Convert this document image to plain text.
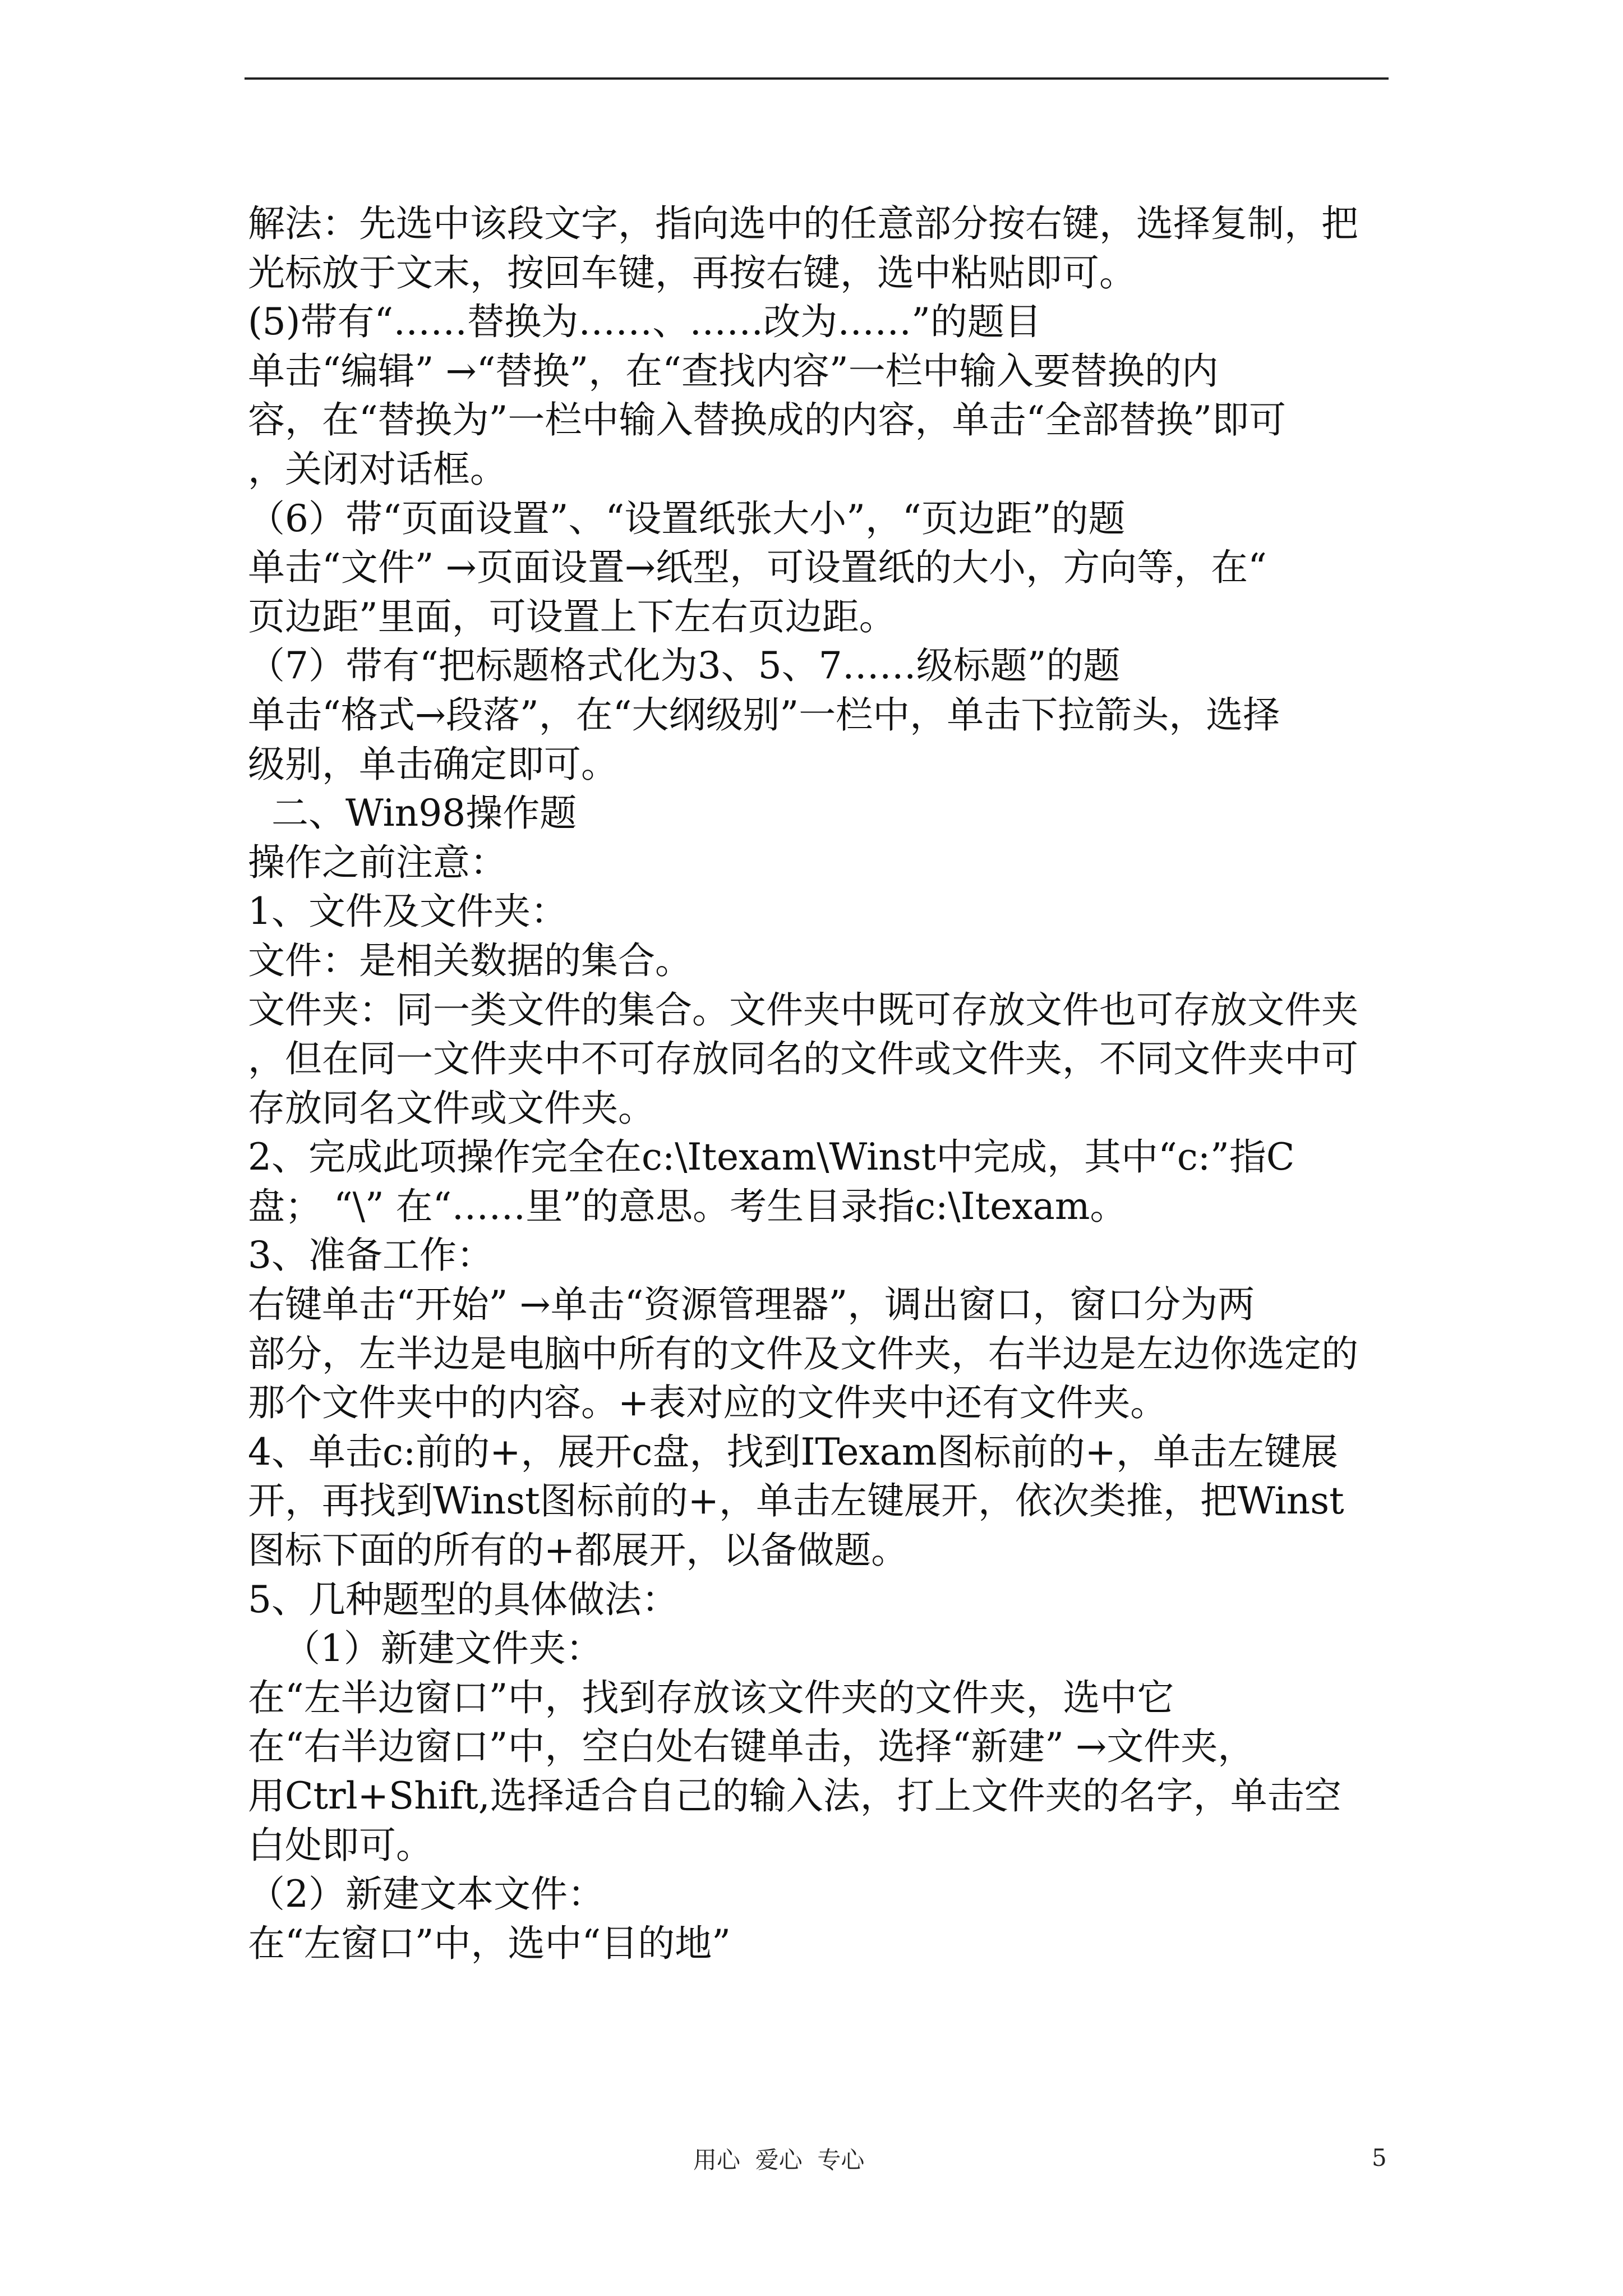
解法：先选中该段文字，指向选中的任意部分按右键，选择复制，把
光标放于文末，按回车键，再按右键，选中粘贴即可。
(5)带有“……替换为……、……改为……”的题目
单击“编辑” →“替换”，在“查找内容”一栏中输入要替换的内
容，在“替换为”一栏中输入替换成的内容，单击“全部替换”即可
，关闭对话框。
（6）带“页面设置”、“设置纸张大小”，“页边距”的题
单击“文件” →页面设置→纸型，可设置纸的大小，方向等，在“
页边距”里面，可设置上下左右页边距。
（7）带有“把标题格式化为3、5、7……级标题”的题
单击“格式→段落”，在“大纲级别”一栏中，单击下拉箭头，选择
级别，单击确定即可。
二、Win98操作题
操作之前注意：
1、文件及文件夹：
文件：是相关数据的集合。
文件夹：同一类文件的集合。文件夹中既可存放文件也可存放文件夹
，但在同一文件夹中不可存放同名的文件或文件夹，不同文件夹中可
存放同名文件或文件夹。
2、完成此项操作完全在c:\Itexam\Winst中完成，其中“c:”指C
盘； “\” 在“……里”的意思。考生目录指c:\Itexam。
3、准备工作：
右键单击“开始” →单击“资源管理器”，调出窗口，窗口分为两
部分，左半边是电脑中所有的文件及文件夹，右半边是左边你选定的
那个文件夹中的内容。+表对应的文件夹中还有文件夹。
4、单击c:前的+，展开c盘，找到ITexam图标前的+，单击左键展
开，再找到Winst图标前的+，单击左键展开，依次类推，把Winst
图标下面的所有的+都展开，以备做题。
5、几种题型的具体做法：
（1）新建文件夹：
在“左半边窗口”中，找到存放该文件夹的文件夹，选中它
在“右半边窗口”中，空白处右键单击，选择“新建” →文件夹，
用Ctrl+Shift,选择适合自己的输入法，打上文件夹的名字，单击空
白处即可。
（2）新建文本文件：
在“左窗口”中，选中“目的地”
用心  爱心  专心	5
